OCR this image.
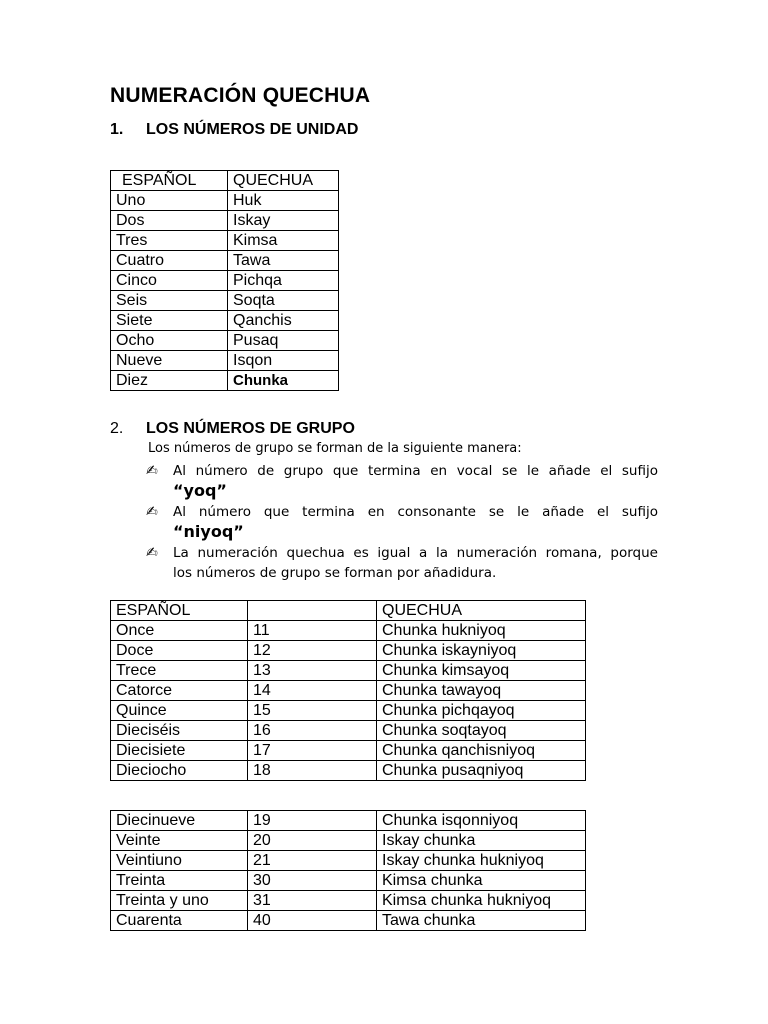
NUMERACIÓN QUECHUA
1. LOS NÚMEROS DE UNIDAD
ESPAÑOL	QUECHUA
Uno	Huk
Dos	Iskay
Tres	Kimsa
Cuatro	Tawa
Cinco	Pichqa
Seis	Soqta
Siete	Qanchis
Ocho	Pusaq
Nueve	Isqon
Diez	Chunka
2. LOS NÚMEROS DE GRUPO

Los números de grupo se forman de la siguiente manera:

✍ Al número de grupo que termina en vocal se le añade el sufijo
“yoq”
✍ Al número que termina en consonante se le añade el sufijo
“niyoq”
✍ La numeración quechua es igual a la numeración romana, porque
los números de grupo se forman por añadidura.
ESPAÑOL		QUECHUA
Once	11	Chunka hukniyoq
Doce	12	Chunka iskayniyoq
Trece	13	Chunka kimsayoq
Catorce	14	Chunka tawayoq
Quince	15	Chunka pichqayoq
Dieciséis	16	Chunka soqtayoq
Diecisiete	17	Chunka qanchisniyoq
Dieciocho	18	Chunka pusaqniyoq
Diecinueve	19	Chunka isqonniyoq
Veinte	20	Iskay chunka
Veintiuno	21	Iskay chunka hukniyoq
Treinta	30	Kimsa chunka
Treinta y uno	31	Kimsa chunka hukniyoq
Cuarenta	40	Tawa chunka
